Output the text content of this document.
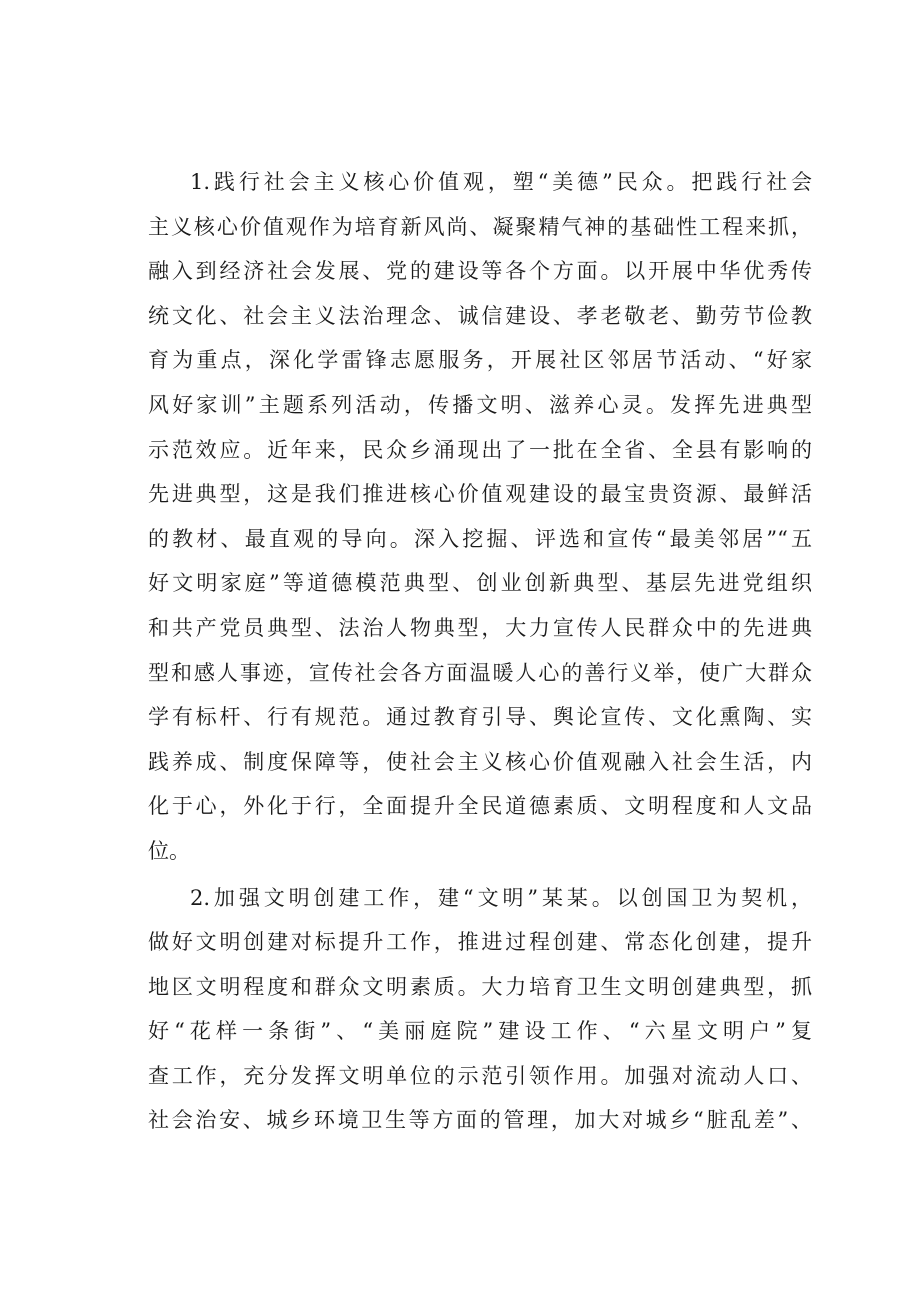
1.践行社会主义核心价值观，塑“美德”民众。把践行社会
主义核心价值观作为培育新风尚、凝聚精气神的基础性工程来抓，
融入到经济社会发展、党的建设等各个方面。以开展中华优秀传
统文化、社会主义法治理念、诚信建设、孝老敬老、勤劳节俭教
育为重点，深化学雷锋志愿服务，开展社区邻居节活动、“好家
风好家训”主题系列活动，传播文明、滋养心灵。发挥先进典型
示范效应。近年来，民众乡涌现出了一批在全省、全县有影响的
先进典型，这是我们推进核心价值观建设的最宝贵资源、最鲜活
的教材、最直观的导向。深入挖掘、评选和宣传“最美邻居”“五
好文明家庭”等道德模范典型、创业创新典型、基层先进党组织
和共产党员典型、法治人物典型，大力宣传人民群众中的先进典
型和感人事迹，宣传社会各方面温暖人心的善行义举，使广大群众
学有标杆、行有规范。通过教育引导、舆论宣传、文化熏陶、实
践养成、制度保障等，使社会主义核心价值观融入社会生活，内
化于心，外化于行，全面提升全民道德素质、文明程度和人文品
位。
2.加强文明创建工作，建“文明”某某。以创国卫为契机，
做好文明创建对标提升工作，推进过程创建、常态化创建，提升
地区文明程度和群众文明素质。大力培育卫生文明创建典型，抓
好“花样一条街”、“美丽庭院”建设工作、“六星文明户”复
查工作，充分发挥文明单位的示范引领作用。加强对流动人口、
社会治安、城乡环境卫生等方面的管理，加大对城乡“脏乱差”、
